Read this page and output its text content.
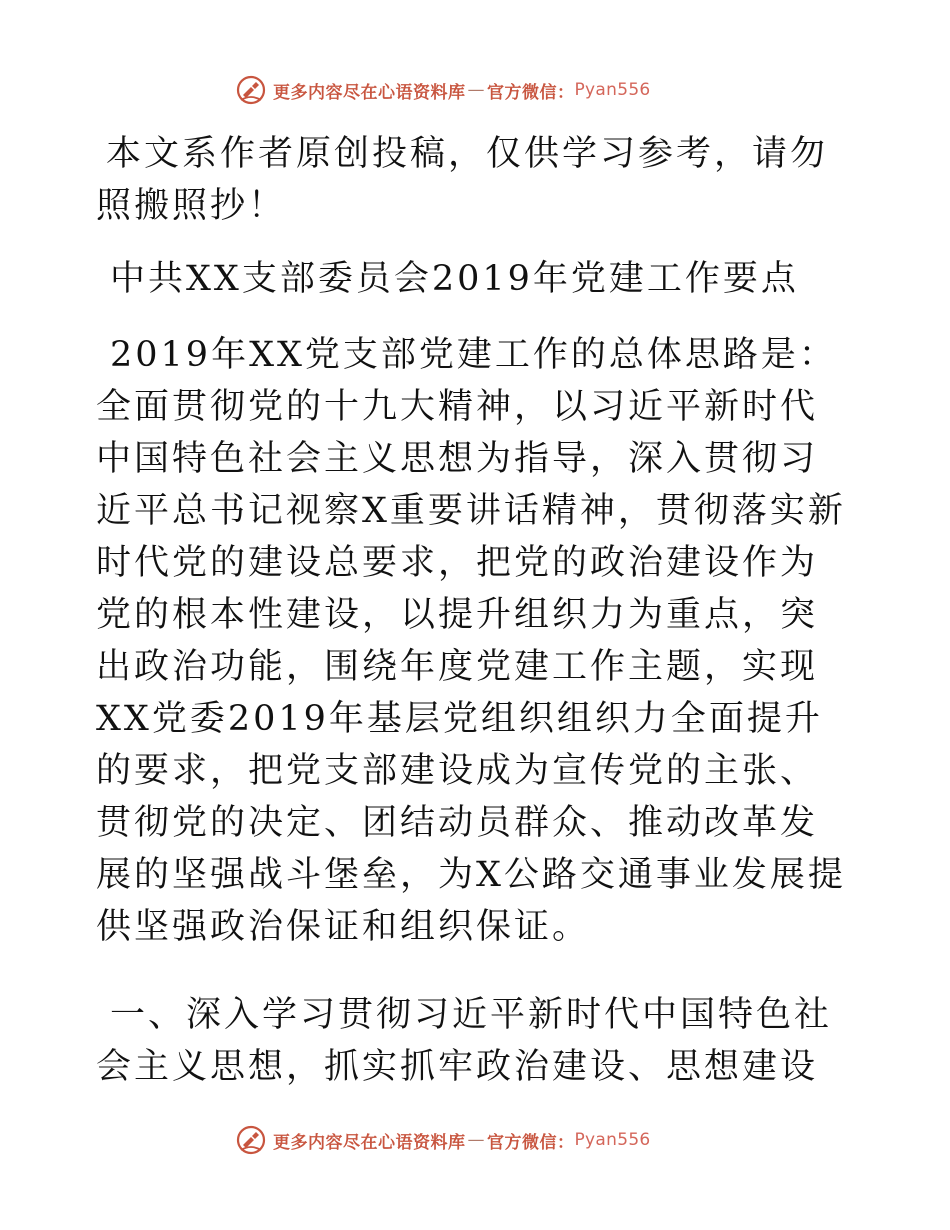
更多内容尽在心语资料库 — 官方微信： Pyan556

本文系作者原创投稿，仅供学习参考，请勿照搬照抄！

中共XX支部委员会2019年党建工作要点

2019年XX党支部党建工作的总体思路是：全面贯彻党的十九大精神，以习近平新时代中国特色社会主义思想为指导，深入贯彻习近平总书记视察X重要讲话精神，贯彻落实新时代党的建设总要求，把党的政治建设作为党的根本性建设，以提升组织力为重点，突出政治功能，围绕年度党建工作主题，实现XX党委2019年基层党组织组织力全面提升的要求，把党支部建设成为宣传党的主张、贯彻党的决定、团结动员群众、推动改革发展的坚强战斗堡垒，为X公路交通事业发展提供坚强政治保证和组织保证。

一、深入学习贯彻习近平新时代中国特色社会主义思想，抓实抓牢政治建设、思想建设

更多内容尽在心语资料库 — 官方微信： Pyan556
